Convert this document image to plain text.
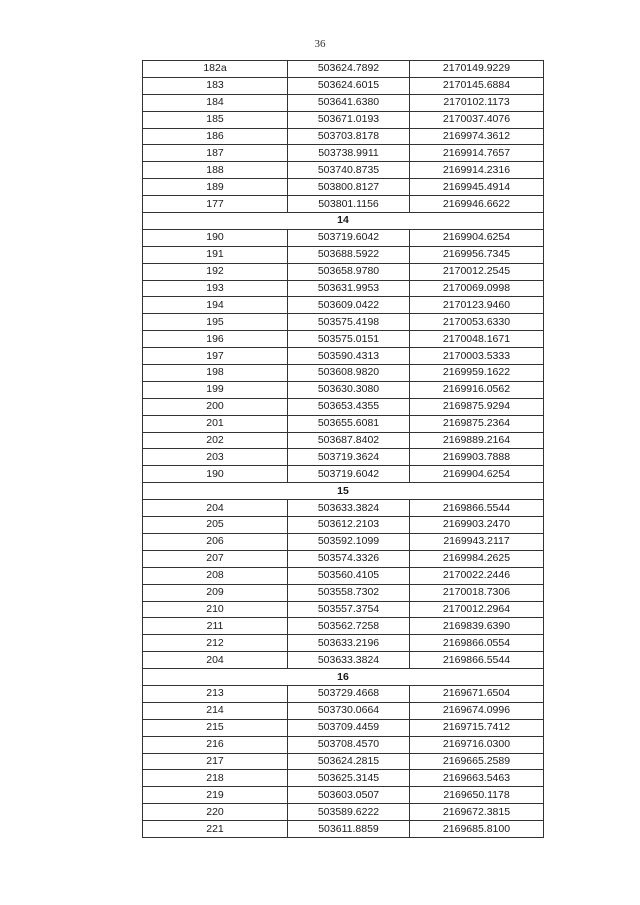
36
182a	503624.7892	2170149.9229
183	503624.6015	2170145.6884
184	503641.6380	2170102.1173
185	503671.0193	2170037.4076
186	503703.8178	2169974.3612
187	503738.9911	2169914.7657
188	503740.8735	2169914.2316
189	503800.8127	2169945.4914
177	503801.1156	2169946.6622
14		
190	503719.6042	2169904.6254
191	503688.5922	2169956.7345
192	503658.9780	2170012.2545
193	503631.9953	2170069.0998
194	503609.0422	2170123.9460
195	503575.4198	2170053.6330
196	503575.0151	2170048.1671
197	503590.4313	2170003.5333
198	503608.9820	2169959.1622
199	503630.3080	2169916.0562
200	503653.4355	2169875.9294
201	503655.6081	2169875.2364
202	503687.8402	2169889.2164
203	503719.3624	2169903.7888
190	503719.6042	2169904.6254
15		
204	503633.3824	2169866.5544
205	503612.2103	2169903.2470
206	503592.1099	2169943.2117
207	503574.3326	2169984.2625
208	503560.4105	2170022.2446
209	503558.7302	2170018.7306
210	503557.3754	2170012.2964
211	503562.7258	2169839.6390
212	503633.2196	2169866.0554
204	503633.3824	2169866.5544
16		
213	503729.4668	2169671.6504
214	503730.0664	2169674.0996
215	503709.4459	2169715.7412
216	503708.4570	2169716.0300
217	503624.2815	2169665.2589
218	503625.3145	2169663.5463
219	503603.0507	2169650.1178
220	503589.6222	2169672.3815
221	503611.8859	2169685.8100
